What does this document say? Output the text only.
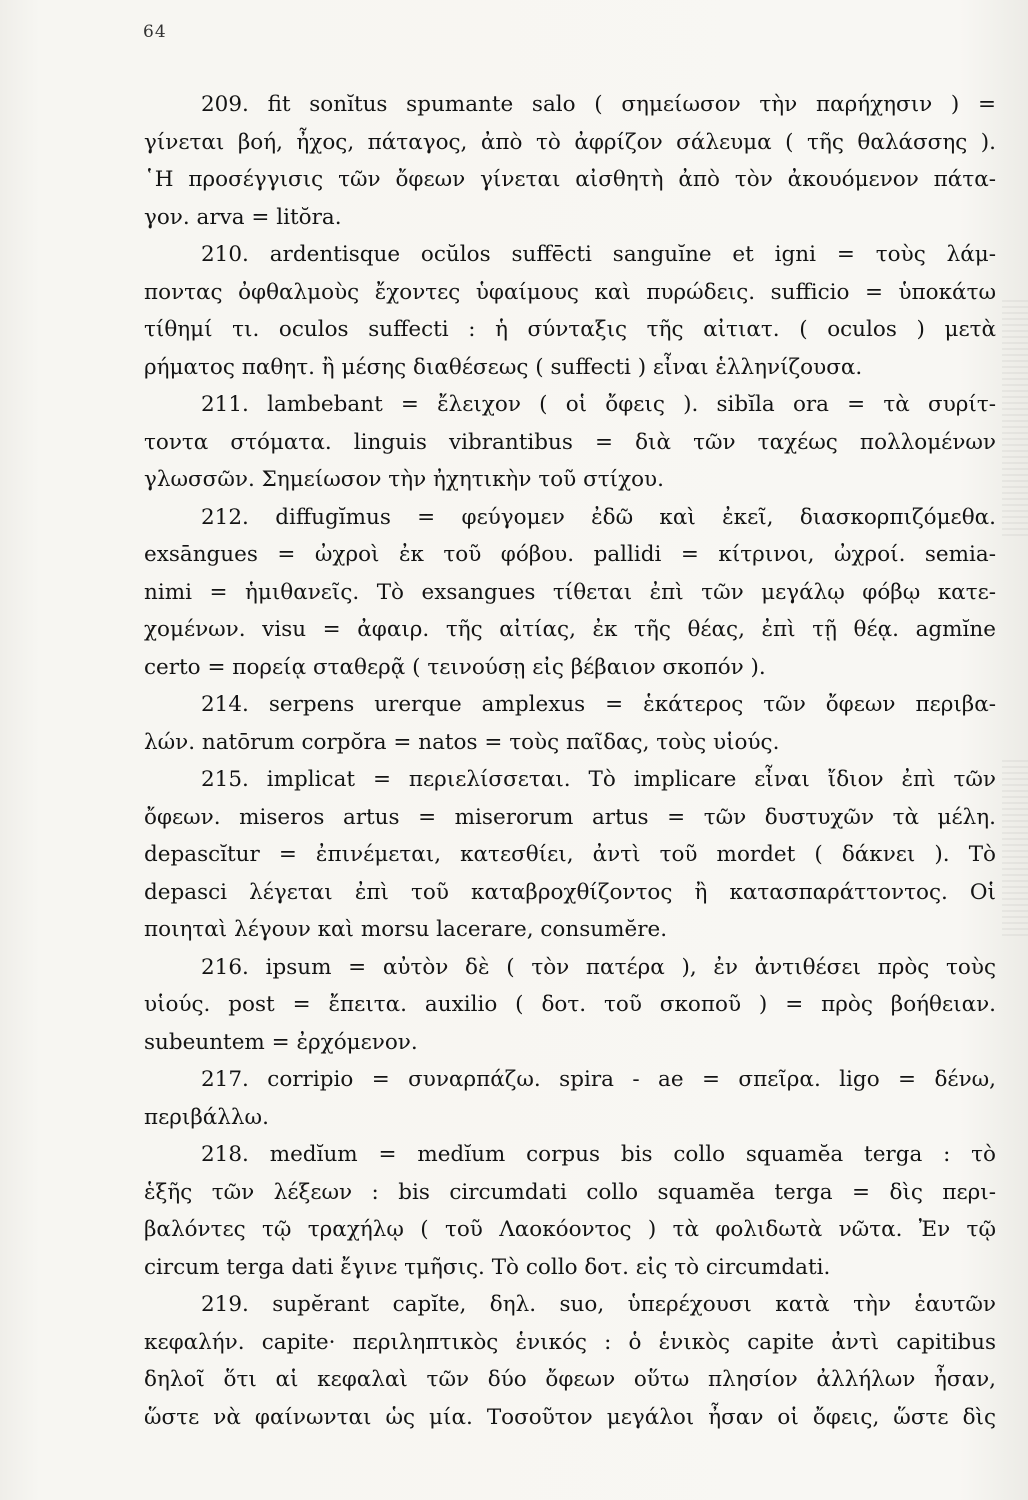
64
209. fit sonĭtus spumante salo ( σημείωσον τὴν παρήχησιν ) =
γίνεται βοή, ἦχος, πάταγος, ἀπὸ τὸ ἀφρίζον σάλευμα ( τῆς θαλάσσης ).
῾Η προσέγγισις τῶν ὄφεων γίνεται αἰσθητὴ ἀπὸ τὸν ἀκουόμενον πάτα-
γον. arva = litŏra.
210. ardentisque ocŭlos suffēcti sanguĭne et igni = τοὺς λάμ-
ποντας ὀφθαλμοὺς ἔχοντες ὑφαίμους καὶ πυρώδεις. sufficio = ὑποκάτω
τίθημί τι. oculos suffecti : ἡ σύνταξις τῆς αἰτιατ. ( oculos ) μετὰ
ρήματος παθητ. ἢ μέσης διαθέσεως ( suffecti ) εἶναι ἑλληνίζουσα.
211. lambebant = ἔλειχον ( οἱ ὄφεις ). sibĭla ora = τὰ συρίτ-
τοντα στόματα. linguis vibrantibus = διὰ τῶν ταχέως πολλομένων
γλωσσῶν. Σημείωσον τὴν ἠχητικὴν τοῦ στίχου.
212. diffugĭmus = φεύγομεν ἐδῶ καὶ ἐκεῖ, διασκορπιζόμεθα.
exsāngues = ὠχροὶ ἐκ τοῦ φόβου. pallidi = κίτρινοι, ὠχροί. semia-
nimi = ἡμιθανεῖς. Τὸ exsangues τίθεται ἐπὶ τῶν μεγάλῳ φόβῳ κατε-
χομένων. visu = ἀφαιρ. τῆς αἰτίας, ἐκ τῆς θέας, ἐπὶ τῇ θέᾳ. agmĭne
certo = πορείᾳ σταθερᾷ ( τεινούσῃ εἰς βέβαιον σκοπόν ).
214. serpens urerque amplexus = ἑκάτερος τῶν ὄφεων περιβα-
λών. natōrum corpŏra = natos = τοὺς παῖδας, τοὺς υἱούς.
215. implicat = περιελίσσεται. Τὸ implicare εἶναι ἴδιον ἐπὶ τῶν
ὄφεων. miseros artus = miserorum artus = τῶν δυστυχῶν τὰ μέλη.
depascĭtur = ἐπινέμεται, κατεσθίει, ἀντὶ τοῦ mordet ( δάκνει ). Τὸ
depasci λέγεται ἐπὶ τοῦ καταβροχθίζοντος ἢ κατασπαράττοντος. Οἱ
ποιηταὶ λέγουν καὶ morsu lacerare, consumĕre.
216. ipsum = αὐτὸν δὲ ( τὸν πατέρα ), ἐν ἀντιθέσει πρὸς τοὺς
υἱούς. post = ἔπειτα. auxilio ( δοτ. τοῦ σκοποῦ ) = πρὸς βοήθειαν.
subeuntem = ἐρχόμενον.
217. corripio = συναρπάζω. spira - ae = σπεῖρα. ligo = δένω,
περιβάλλω.
218. medĭum = medĭum corpus bis collo squamĕa terga : τὸ
ἑξῆς τῶν λέξεων : bis circumdati collo squamĕa terga = δὶς περι-
βαλόντες τῷ τραχήλῳ ( τοῦ Λαοκόοντος ) τὰ φολιδωτὰ νῶτα. Ἐν τῷ
circum terga dati ἔγινε τμῆσις. Τὸ collo δοτ. εἰς τὸ circumdati.
219. supĕrant capĭte, δηλ. suo, ὑπερέχουσι κατὰ τὴν ἑαυτῶν
κεφαλήν. capite· περιληπτικὸς ἑνικός : ὁ ἑνικὸς capite ἀντὶ capitibus
δηλοῖ ὅτι αἱ κεφαλαὶ τῶν δύο ὄφεων οὕτω πλησίον ἀλλήλων ἦσαν,
ὥστε νὰ φαίνωνται ὡς μία. Τοσοῦτον μεγάλοι ἦσαν οἱ ὄφεις, ὥστε δὶς
